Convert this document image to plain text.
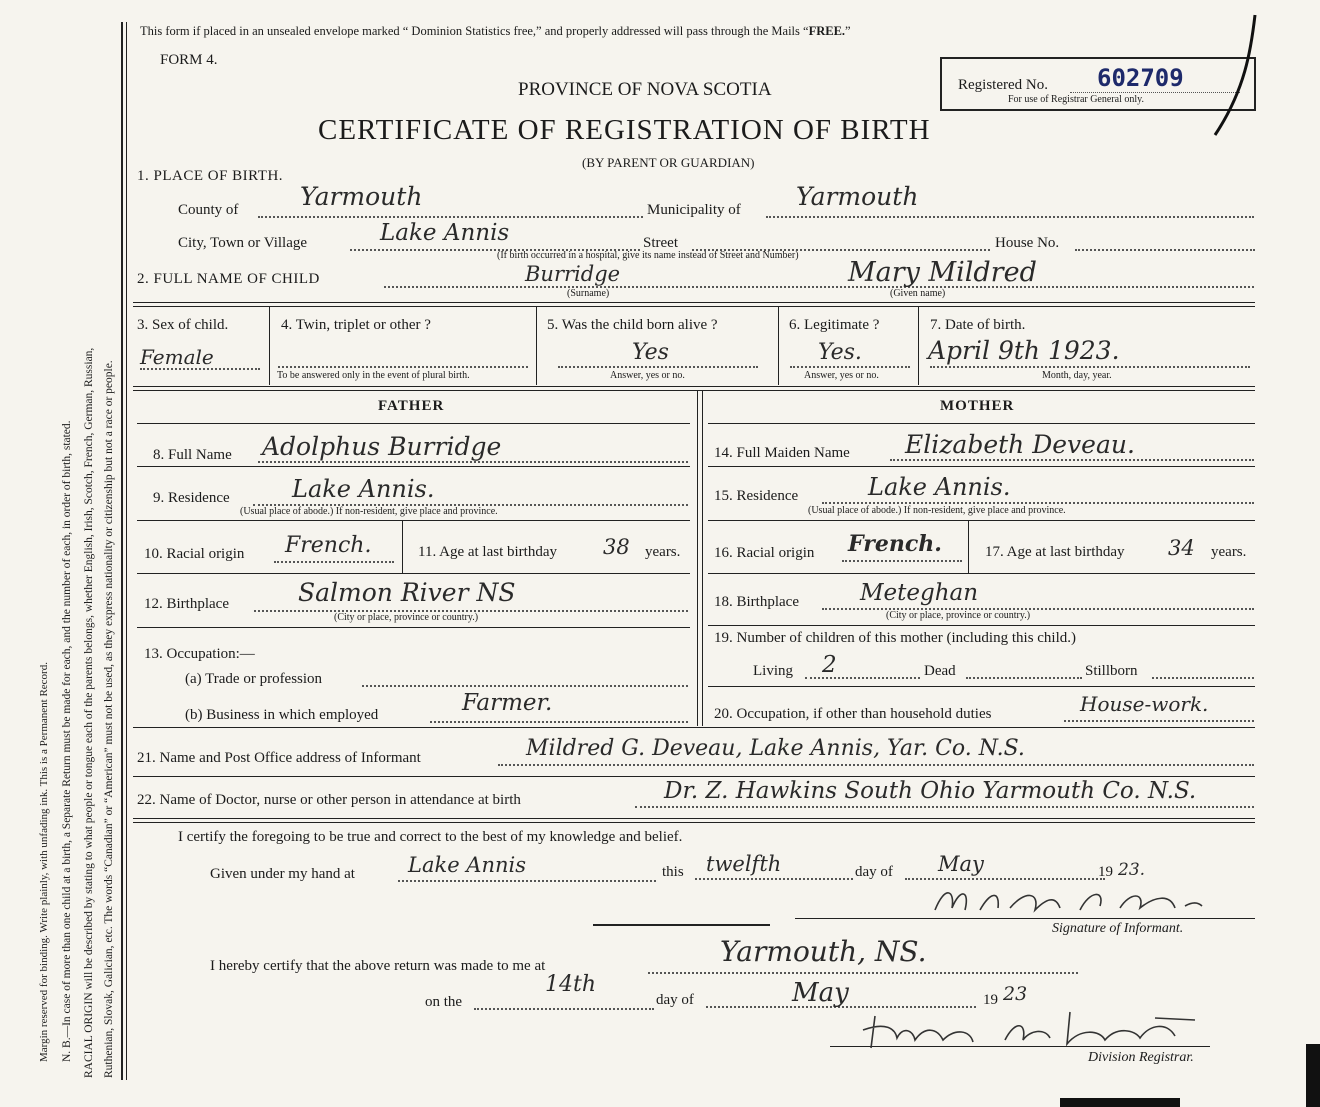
Margin reserved for binding. Write plainly, with unfading ink. This is a Permanent Record. N. B.—In case of more than one child at a birth, a Separate Return must be made for each, and the number of each, in order of birth, stated. RACIAL ORIGIN will be described by stating to what people or tongue each of the parents belongs, whether English, Irish, Scotch, French, German, Russian, Ruthenian, Slovak, Galician, etc. The words “Canadian” or “American” must not be used, as they express nationality or citizenship but not a race or people.
This form if placed in an unsealed envelope marked “ Dominion Statistics free,” and properly addressed will pass through the Mails “FREE.”
FORM 4.
PROVINCE OF NOVA SCOTIA
CERTIFICATE OF REGISTRATION OF BIRTH
(BY PARENT OR GUARDIAN)
Registered No. 602709
For use of Registrar General only.
1. PLACE OF BIRTH.
County of Yarmouth	Municipality of Yarmouth
City, Town or Village	Lake Annis	Street
(If birth occurred in a hospital, give its name instead of Street and Number)
House No.
2. FULL NAME OF CHILD	Burridge
(Surname)
Mary Mildred
(Given name)
3. Sex of child.
Female
4. Twin, triplet or other ?
To be answered only in the event of plural birth.
5. Was the child born alive ?
Yes
Answer, yes or no.
6. Legitimate ?
Yes.
Answer, yes or no.
7. Date of birth.
April 9th 1923.
Month, day, year.
FATHER	MOTHER
8. Full Name Adolphus Burridge
9. Residence	Lake Annis.
(Usual place of abode.) If non-resident, give place and province.
10. Racial origin French.	11. Age at last birthday 38 years.
12. Birthplace	Salmon River NS
(City or place, province or country.)
13. Occupation:—
(a) Trade or profession
(b) Business in which employed	Farmer.
14. Full Maiden Name Elizabeth Deveau.
15. Residence	Lake Annis.
(Usual place of abode.) If non-resident, give place and province.
16. Racial origin French.	17. Age at last birthday 34 years.
18. Birthplace	Meteghan
(City or place, province or country.)
19. Number of children of this mother (including this child.)
Living 2	Dead	Stillborn
20. Occupation, if other than household duties	House-work.
21. Name and Post Office address of Informant	Mildred G. Deveau, Lake Annis, Yar. Co. N.S.
22. Name of Doctor, nurse or other person in attendance at birth	Dr. Z. Hawkins South Ohio Yarmouth Co. N.S.
I certify the foregoing to be true and correct to the best of my knowledge and belief.
Given under my hand at	Lake Annis	this twelfth	day of May	19 23.
Signature of Informant.
I hereby certify that the above return was made to me at	Yarmouth, NS.
on the
14th
day of	May	19 23
Division Registrar.
